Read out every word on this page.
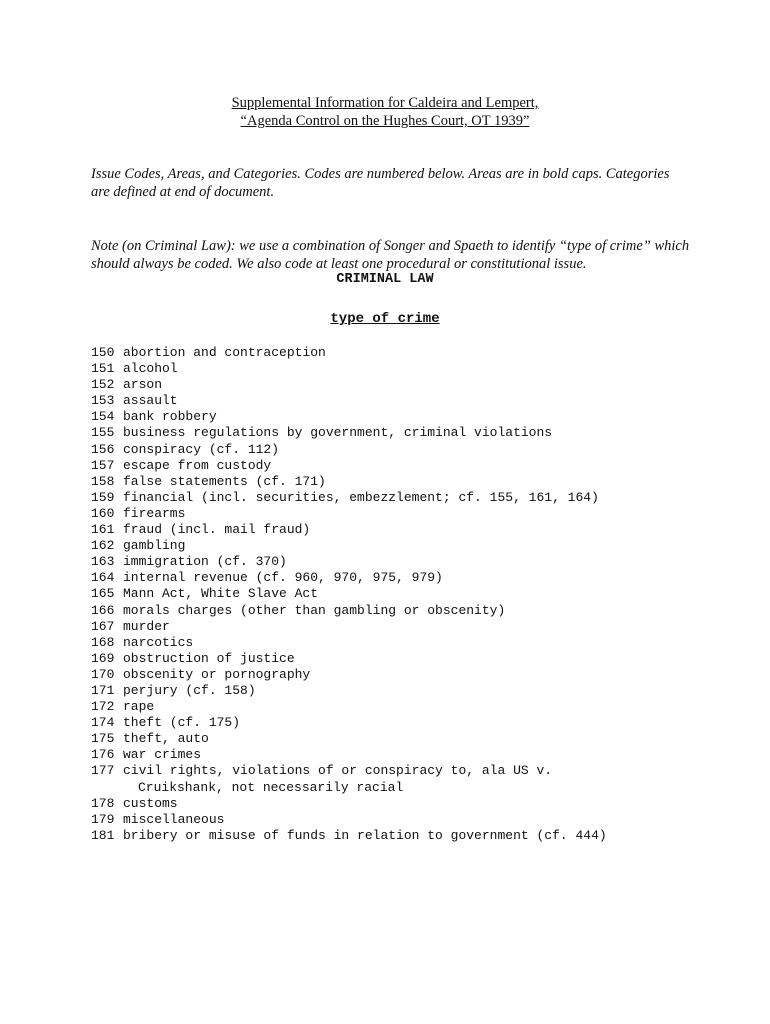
Supplemental Information for Caldeira and Lempert,
“Agenda Control on the Hughes Court, OT 1939”

Issue Codes, Areas, and Categories. Codes are numbered below. Areas are in bold caps. Categories are defined at end of document.

Note (on Criminal Law): we use a combination of Songer and Spaeth to identify “type of crime” which should always be coded. We also code at least one procedural or constitutional issue.

CRIMINAL LAW
type of crime
150 abortion and contraception
151 alcohol
152 arson
153 assault
154 bank robbery
155 business regulations by government, criminal violations
156 conspiracy (cf. 112)
157 escape from custody
158 false statements (cf. 171)
159 financial (incl. securities, embezzlement; cf. 155, 161, 164)
160 firearms
161 fraud (incl. mail fraud)
162 gambling
163 immigration (cf. 370)
164 internal revenue (cf. 960, 970, 975, 979)
165 Mann Act, White Slave Act
166 morals charges (other than gambling or obscenity)
167 murder
168 narcotics
169 obstruction of justice
170 obscenity or pornography
171 perjury (cf. 158)
172 rape
174 theft (cf. 175)
175 theft, auto
176 war crimes
177 civil rights, violations of or conspiracy to, ala US v.
Cruikshank, not necessarily racial
178 customs
179 miscellaneous
181 bribery or misuse of funds in relation to government (cf. 444)
